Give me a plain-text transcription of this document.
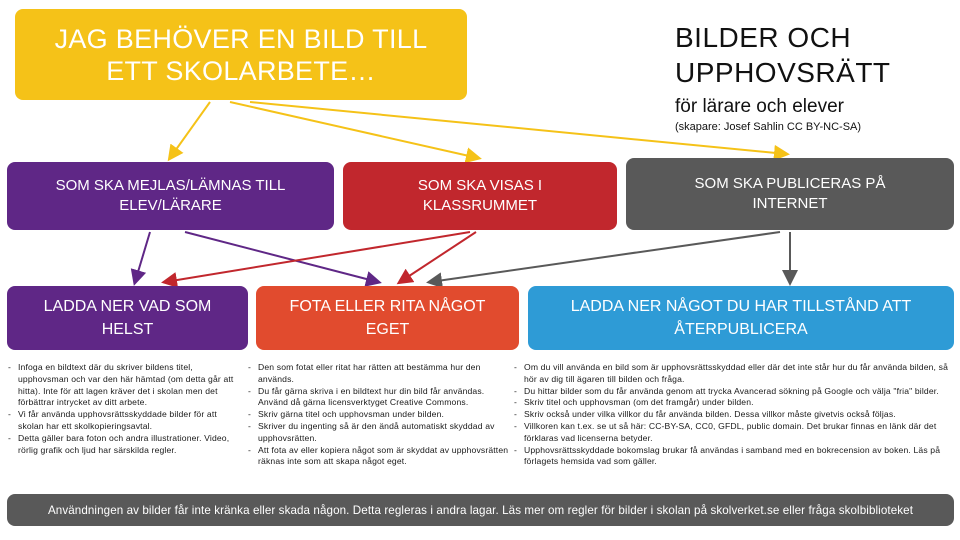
JAG BEHÖVER EN BILD TILL
ETT SKOLARBETE…
BILDER OCH
UPPHOVSRÄTT
för lärare och elever
(skapare: Josef Sahlin CC BY-NC-SA)
SOM SKA MEJLAS/LÄMNAS TILL
ELEV/LÄRARE
SOM SKA VISAS I
KLASSRUMMET
SOM SKA PUBLICERAS PÅ
INTERNET
LADDA NER VAD SOM
HELST
FOTA ELLER RITA NÅGOT
EGET
LADDA NER NÅGOT DU HAR TILLSTÅND ATT
ÅTERPUBLICERA
- Infoga en bildtext där du skriver bildens titel, upphovsman och var den här hämtad (om detta går att hitta). Inte för att lagen kräver det i skolan men det förbättrar intrycket av ditt arbete.
- Vi får använda upphovsrättsskyddade bilder för att skolan har ett skolkopieringsavtal.
- Detta gäller bara foton och andra illustrationer. Video, rörlig grafik och ljud har särskilda regler.
- Den som fotat eller ritat har rätten att bestämma hur den används.
- Du får gärna skriva i en bildtext hur din bild får användas. Använd då gärna licensverktyget Creative Commons.
- Skriv gärna titel och upphovsman under bilden.
- Skriver du ingenting så är den ändå automatiskt skyddad av upphovsrätten.
- Att fota av eller kopiera något som är skyddat av upphovsrätten räknas inte som att skapa något eget.
- Om du vill använda en bild som är upphovsrättsskyddad eller där det inte står hur du får använda bilden, så hör av dig till ägaren till bilden och fråga.
- Du hittar bilder som du får använda genom att trycka Avancerad sökning på Google och välja "fria" bilder.
- Skriv titel och upphovsman (om det framgår) under bilden.
- Skriv också under vilka villkor du får använda bilden. Dessa villkor måste givetvis också följas.
- Villkoren kan t.ex. se ut så här: CC-BY-SA, CC0, GFDL, public domain. Det brukar finnas en länk där det förklaras vad licenserna betyder.
- Upphovsrättsskyddade bokomslag brukar få användas i samband med en bokrecension av boken. Läs på förlagets hemsida vad som gäller.
Användningen av bilder får inte kränka eller skada någon. Detta regleras i andra lagar. Läs mer om regler för bilder i skolan på skolverket.se eller fråga skolbiblioteket
